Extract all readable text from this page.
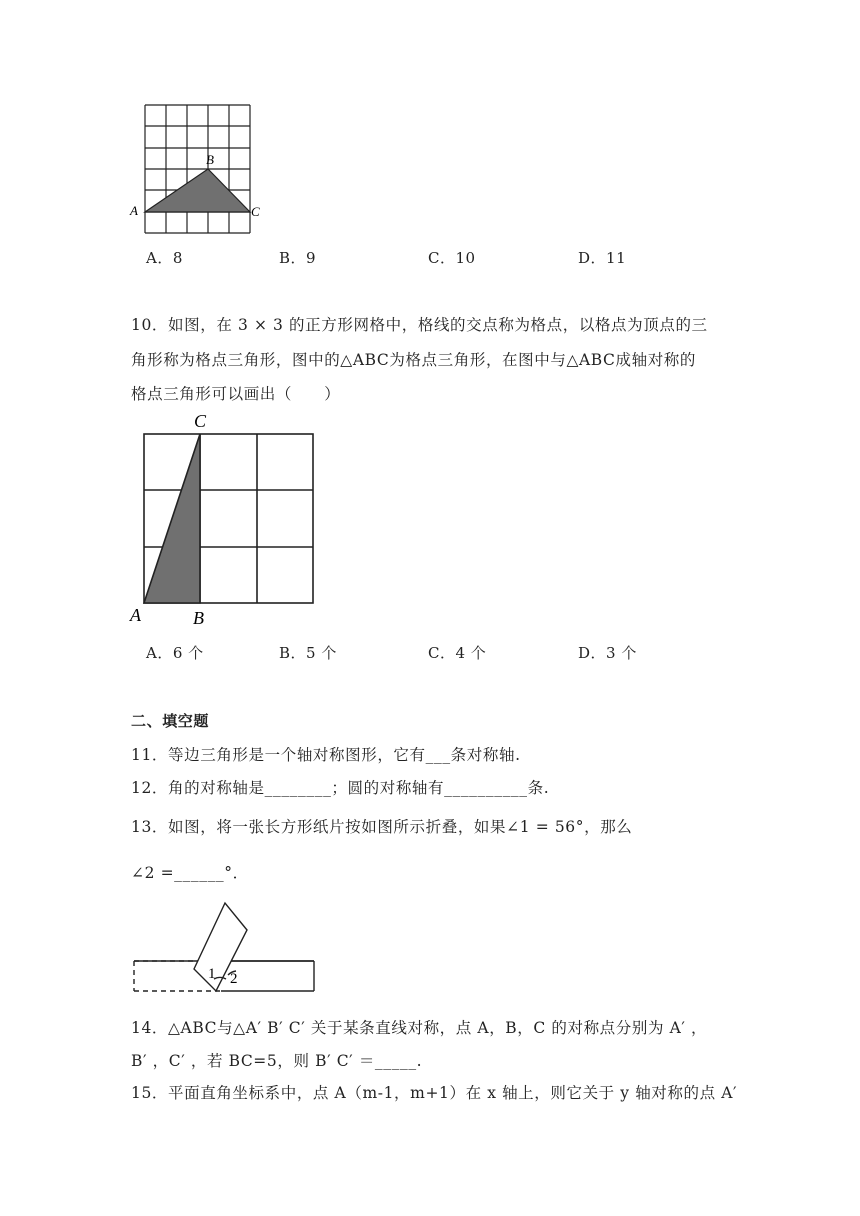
A
B
C
A．8	B．9	C．10	D．11
10．如图，在 3 × 3 的正方形网格中，格线的交点称为格点，以格点为顶点的三
角形称为格点三角形，图中的△ABC为格点三角形，在图中与△ABC成轴对称的
格点三角形可以画出（　　）
C
A	B
A．6 个	B．5 个	C．4 个	D．3 个
二、填空题
11．等边三角形是一个轴对称图形，它有___条对称轴.
12．角的对称轴是________；圆的对称轴有__________条.
13．如图，将一张长方形纸片按如图所示折叠，如果∠1 = 56°，那么
∠2 =______°．
1 2
14．△ABC与△A′ B′ C′ 关于某条直线对称，点 A，B，C 的对称点分别为 A′ ，
B′ ，C′ ，若 BC=5，则 B′ C′ ＝_____.
15．平面直角坐标系中，点 A（m-1，m+1）在 x 轴上，则它关于 y 轴对称的点 A′
